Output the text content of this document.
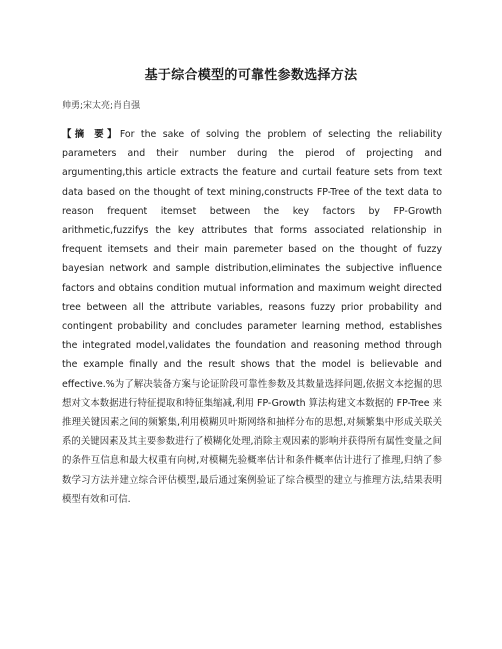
基于综合模型的可靠性参数选择方法
帅勇;宋太亮;肖自强
【摘 要】For the sake of solving the problem of selecting the reliability parameters and their number during the pierod of projecting and argumenting,this article extracts the feature and curtail feature sets from text data based on the thought of text mining,constructs FP-Tree of the text data to reason frequent itemset between the key factors by FP-Growth arithmetic,fuzzifys the key attributes that forms associated relationship in frequent itemsets and their main paremeter based on the thought of fuzzy bayesian network and sample distribution,eliminates the subjective influence factors and obtains condition mutual information and maximum weight directed tree between all the attribute variables, reasons fuzzy prior probability and contingent probability and concludes parameter learning method, establishes the integrated model,validates the foundation and reasoning method through the example finally and the result shows that the model is believable and effective.%为了解决装备方案与论证阶段可靠性参数及其数量选择问题,依据文本挖掘的思想对文本数据进行特征提取和特征集缩减,利用 FP-Growth 算法构建文本数据的 FP-Tree 来推理关键因素之间的频繁集,利用模糊贝叶斯网络和抽样分布的思想,对频繁集中形成关联关系的关键因素及其主要参数进行了模糊化处理,消除主观因素的影响并获得所有属性变量之间的条件互信息和最大权重有向树,对模糊先验概率估计和条件概率估计进行了推理,归纳了参数学习方法并建立综合评估模型,最后通过案例验证了综合模型的建立与推理方法,结果表明模型有效和可信.
